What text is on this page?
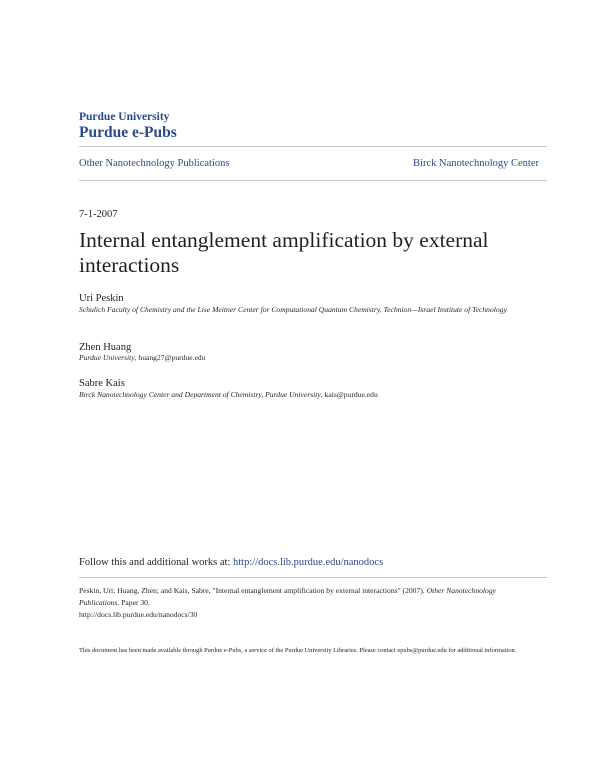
Purdue University
Purdue e-Pubs
Other Nanotechnology Publications	Birck Nanotechnology Center
7-1-2007
Internal entanglement amplification by external interactions
Uri Peskin
Schulich Faculty of Chemistry and the Lise Meitner Center for Computational Quantum Chemistry, Technion—Israel Institute of Technology
Zhen Huang
Purdue University, huang27@purdue.edu
Sabre Kais
Birck Nanotechnology Center and Department of Chemistry, Purdue University, kais@purdue.edu
Follow this and additional works at: http://docs.lib.purdue.edu/nanodocs
Peskin, Uri; Huang, Zhen; and Kais, Sabre, "Internal entanglement amplification by external interactions" (2007). Other Nanotechnology Publications. Paper 30.
http://docs.lib.purdue.edu/nanodocs/30
This document has been made available through Purdue e-Pubs, a service of the Purdue University Libraries. Please contact epubs@purdue.edu for additional information.
